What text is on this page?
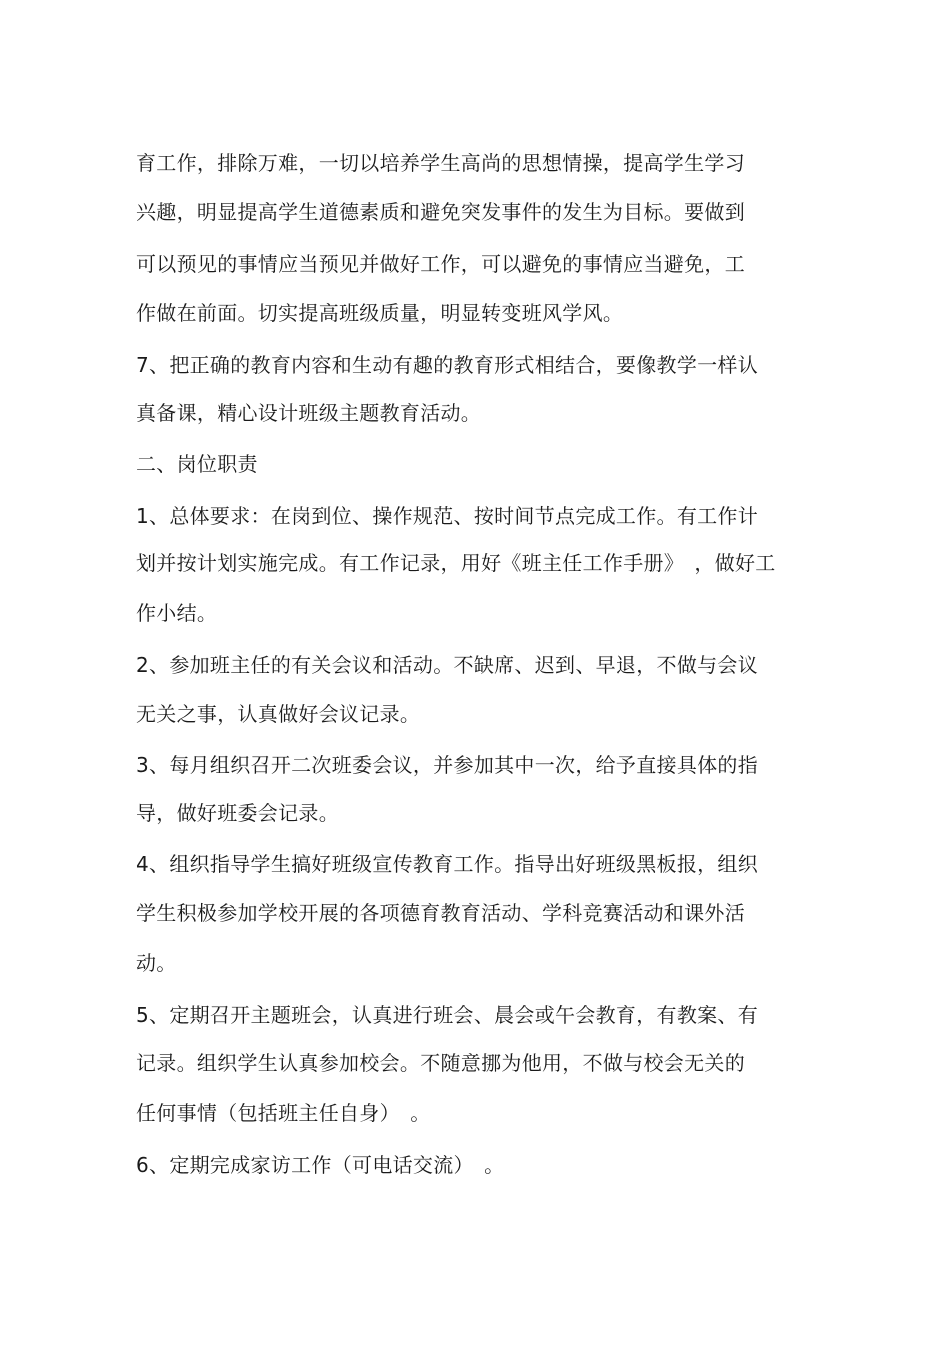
育工作，排除万难，一切以培养学生高尚的思想情操，提高学生学习
兴趣，明显提高学生道德素质和避免突发事件的发生为目标。要做到
可以预见的事情应当预见并做好工作，可以避免的事情应当避免，工
作做在前面。切实提高班级质量，明显转变班风学风。
7、把正确的教育内容和生动有趣的教育形式相结合，要像教学一样认
真备课，精心设计班级主题教育活动。
二、岗位职责
1、总体要求：在岗到位、操作规范、按时间节点完成工作。有工作计
划并按计划实施完成。有工作记录，用好《班主任工作手册》　，做好工
作小结。
2、参加班主任的有关会议和活动。不缺席、迟到、早退，不做与会议
无关之事，认真做好会议记录。
3、每月组织召开二次班委会议，并参加其中一次，给予直接具体的指
导，做好班委会记录。
4、组织指导学生搞好班级宣传教育工作。指导出好班级黑板报，组织
学生积极参加学校开展的各项德育教育活动、学科竞赛活动和课外活
动。
5、定期召开主题班会，认真进行班会、晨会或午会教育，有教案、有
记录。组织学生认真参加校会。不随意挪为他用，不做与校会无关的
任何事情（包括班主任自身）　。
6、定期完成家访工作（可电话交流）　。
